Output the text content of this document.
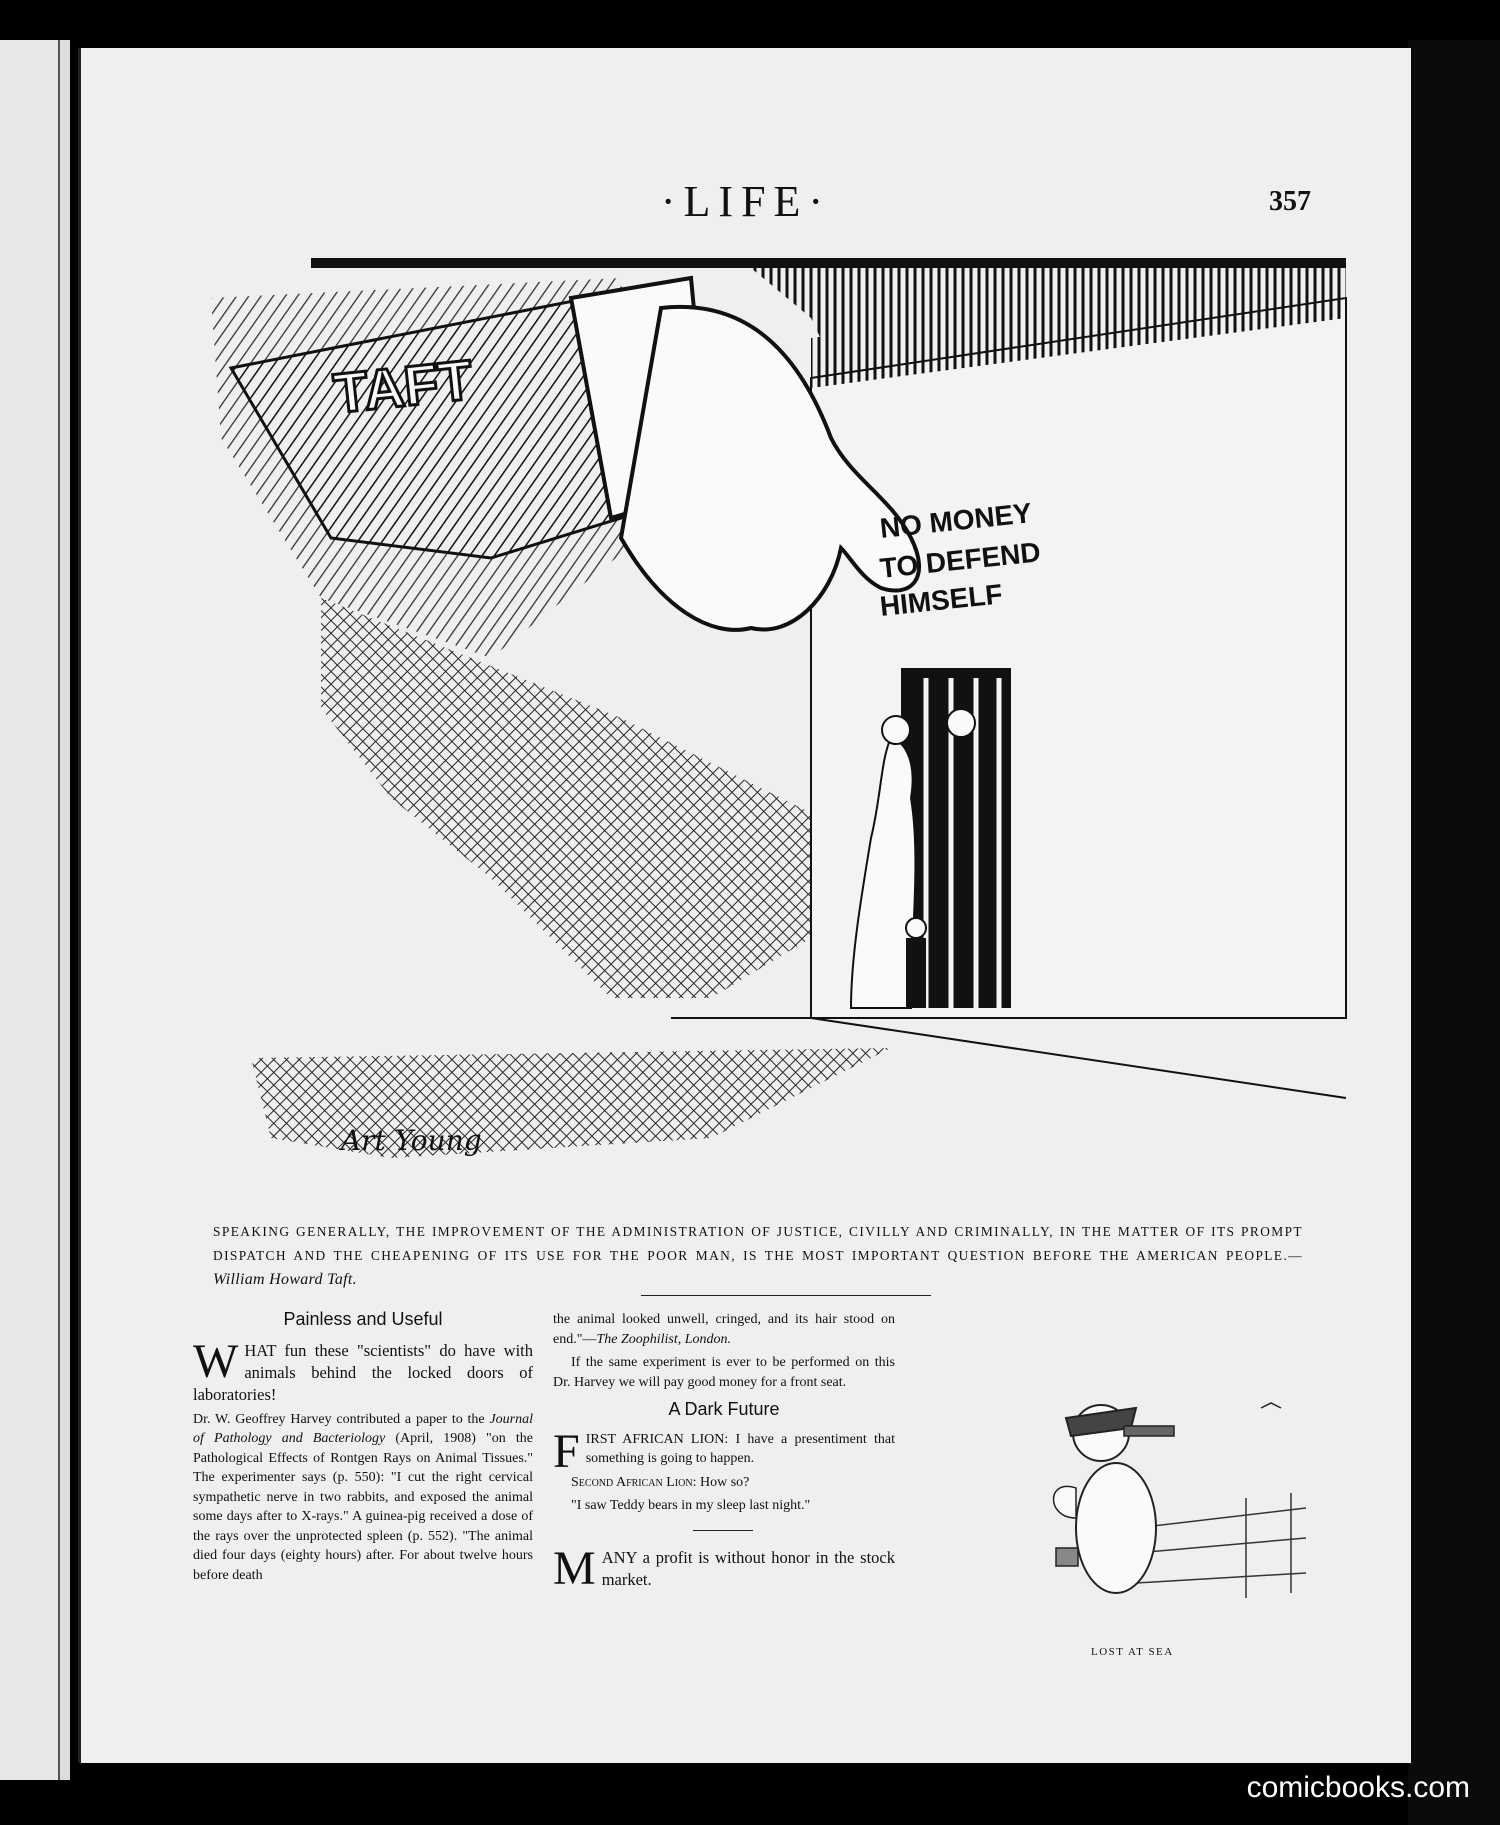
·LIFE·	357
TAFT
NO MONEY
TO DEFEND
HIMSELF
Art Young
SPEAKING GENERALLY, THE IMPROVEMENT OF THE ADMINISTRATION OF JUSTICE, CIVILLY AND CRIMINALLY, IN THE MATTER OF ITS PROMPT DISPATCH AND THE CHEAPENING OF ITS USE FOR THE POOR MAN, IS THE MOST IMPORTANT QUESTION BEFORE THE AMERICAN PEOPLE.—William Howard Taft.
Painless and Useful

WHAT fun these "scientists" do have with animals behind the locked doors of laboratories!

Dr. W. Geoffrey Harvey contributed a paper to the Journal of Pathology and Bacteriology (April, 1908) "on the Pathological Effects of Rontgen Rays on Animal Tissues." The experimenter says (p. 550): "I cut the right cervical sympathetic nerve in two rabbits, and exposed the animal some days after to X-rays." A guinea-pig received a dose of the rays over the unprotected spleen (p. 552). "The animal died four days (eighty hours) after. For about twelve hours before death

the animal looked unwell, cringed, and its hair stood on end."—The Zoophilist, London.

If the same experiment is ever to be performed on this Dr. Harvey we will pay good money for a front seat.

A Dark Future

FIRST AFRICAN LION: I have a presentiment that something is going to happen.

Second African Lion: How so?

"I saw Teddy bears in my sleep last night."

MANY a profit is without honor in the stock market.

LOST AT SEA
comicbooks.com
